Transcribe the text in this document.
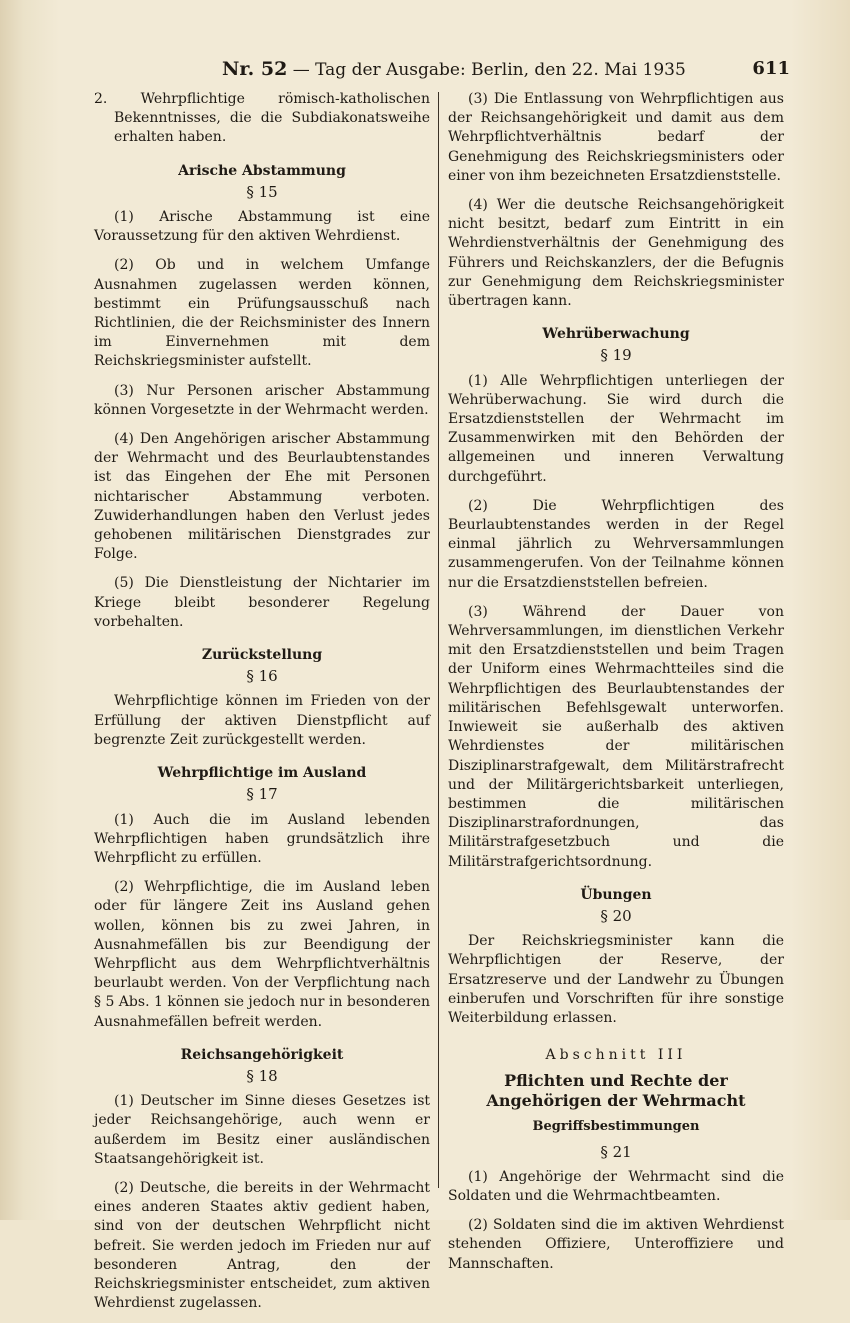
Nr. 52 — Tag der Ausgabe: Berlin, den 22. Mai 1935	611

2. Wehrpflichtige römisch-katholischen Bekenntnisses, die die Subdiakonatsweihe erhalten haben.

Arische Abstammung
§ 15

(1) Arische Abstammung ist eine Voraussetzung für den aktiven Wehrdienst.

(2) Ob und in welchem Umfange Ausnahmen zugelassen werden können, bestimmt ein Prüfungsausschuß nach Richtlinien, die der Reichsminister des Innern im Einvernehmen mit dem Reichskriegsminister aufstellt.

(3) Nur Personen arischer Abstammung können Vorgesetzte in der Wehrmacht werden.

(4) Den Angehörigen arischer Abstammung der Wehrmacht und des Beurlaubtenstandes ist das Eingehen der Ehe mit Personen nichtarischer Abstammung verboten. Zuwiderhandlungen haben den Verlust jedes gehobenen militärischen Dienstgrades zur Folge.

(5) Die Dienstleistung der Nichtarier im Kriege bleibt besonderer Regelung vorbehalten.

Zurückstellung
§ 16

Wehrpflichtige können im Frieden von der Erfüllung der aktiven Dienstpflicht auf begrenzte Zeit zurückgestellt werden.

Wehrpflichtige im Ausland
§ 17

(1) Auch die im Ausland lebenden Wehrpflichtigen haben grundsätzlich ihre Wehrpflicht zu erfüllen.

(2) Wehrpflichtige, die im Ausland leben oder für längere Zeit ins Ausland gehen wollen, können bis zu zwei Jahren, in Ausnahmefällen bis zur Beendigung der Wehrpflicht aus dem Wehrpflichtverhältnis beurlaubt werden. Von der Verpflichtung nach § 5 Abs. 1 können sie jedoch nur in besonderen Ausnahmefällen befreit werden.

Reichsangehörigkeit
§ 18

(1) Deutscher im Sinne dieses Gesetzes ist jeder Reichsangehörige, auch wenn er außerdem im Besitz einer ausländischen Staatsangehörigkeit ist.

(2) Deutsche, die bereits in der Wehrmacht eines anderen Staates aktiv gedient haben, sind von der deutschen Wehrpflicht nicht befreit. Sie werden jedoch im Frieden nur auf besonderen Antrag, den der Reichskriegsminister entscheidet, zum aktiven Wehrdienst zugelassen.

(3) Die Entlassung von Wehrpflichtigen aus der Reichsangehörigkeit und damit aus dem Wehrpflichtverhältnis bedarf der Genehmigung des Reichskriegsministers oder einer von ihm bezeichneten Ersatzdienststelle.

(4) Wer die deutsche Reichsangehörigkeit nicht besitzt, bedarf zum Eintritt in ein Wehrdienstverhältnis der Genehmigung des Führers und Reichskanzlers, der die Befugnis zur Genehmigung dem Reichskriegsminister übertragen kann.

Wehrüberwachung
§ 19

(1) Alle Wehrpflichtigen unterliegen der Wehrüberwachung. Sie wird durch die Ersatzdienststellen der Wehrmacht im Zusammenwirken mit den Behörden der allgemeinen und inneren Verwaltung durchgeführt.

(2) Die Wehrpflichtigen des Beurlaubtenstandes werden in der Regel einmal jährlich zu Wehrversammlungen zusammengerufen. Von der Teilnahme können nur die Ersatzdienststellen befreien.

(3) Während der Dauer von Wehrversammlungen, im dienstlichen Verkehr mit den Ersatzdienststellen und beim Tragen der Uniform eines Wehrmachtteiles sind die Wehrpflichtigen des Beurlaubtenstandes der militärischen Befehlsgewalt unterworfen. Inwieweit sie außerhalb des aktiven Wehrdienstes der militärischen Disziplinarstrafgewalt, dem Militärstrafrecht und der Militärgerichtsbarkeit unterliegen, bestimmen die militärischen Disziplinarstrafordnungen, das Militärstrafgesetzbuch und die Militärstrafgerichtsordnung.

Übungen
§ 20

Der Reichskriegsminister kann die Wehrpflichtigen der Reserve, der Ersatzreserve und der Landwehr zu Übungen einberufen und Vorschriften für ihre sonstige Weiterbildung erlassen.

Abschnitt III
Pflichten und Rechte der Angehörigen der Wehrmacht
Begriffsbestimmungen
§ 21

(1) Angehörige der Wehrmacht sind die Soldaten und die Wehrmachtbeamten.

(2) Soldaten sind die im aktiven Wehrdienst stehenden Offiziere, Unteroffiziere und Mannschaften.
